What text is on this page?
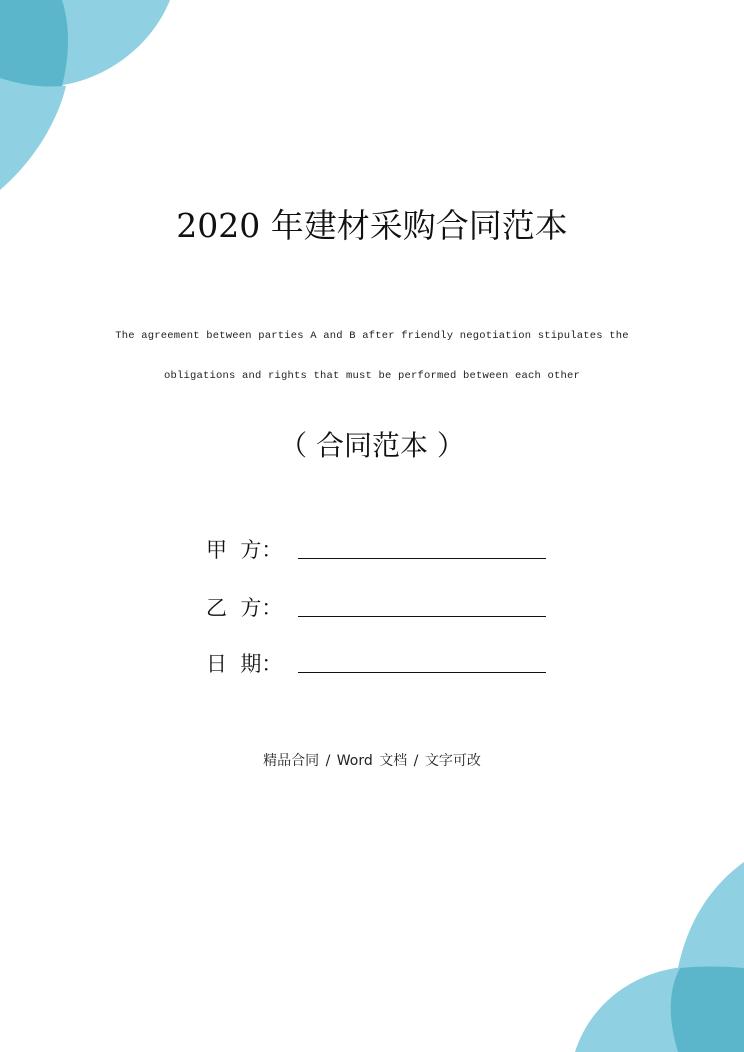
2020 年建材采购合同范本
The agreement between parties A and B after friendly negotiation stipulates the
obligations and rights that must be performed between each other
（ 合同范本 ）
甲  方：
乙  方：
日  期：
精品合同 / Word 文档 / 文字可改
